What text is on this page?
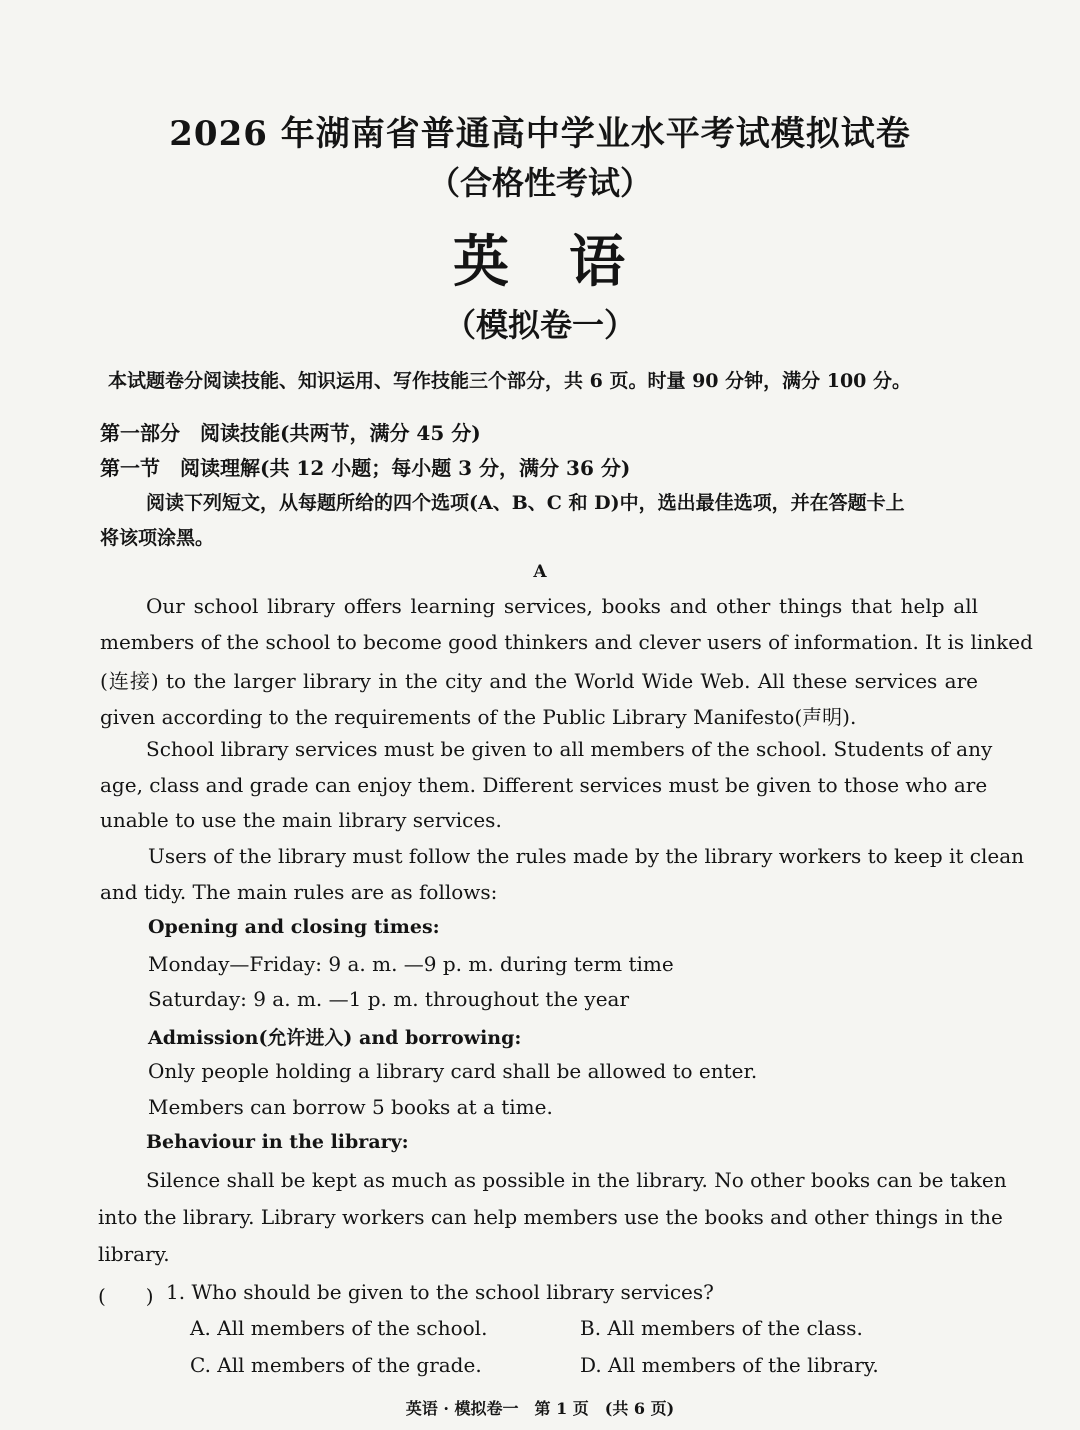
2026 年湖南省普通高中学业水平考试模拟试卷
（合格性考试）
英　语
（模拟卷一）
本试题卷分阅读技能、知识运用、写作技能三个部分，共 6 页。时量 90 分钟，满分 100 分。
第一部分　阅读技能(共两节，满分 45 分)
第一节　阅读理解(共 12 小题；每小题 3 分，满分 36 分)
阅读下列短文，从每题所给的四个选项(A、B、C 和 D)中，选出最佳选项，并在答题卡上
将该项涂黑。
A
Our school library offers learning services, books and other things that help all
members of the school to become good thinkers and clever users of information. It is linked
(连接) to the larger library in the city and the World Wide Web. All these services are
given according to the requirements of the Public Library Manifesto(声明).
School library services must be given to all members of the school. Students of any
age, class and grade can enjoy them. Different services must be given to those who are
unable to use the main library services.
Users of the library must follow the rules made by the library workers to keep it clean
and tidy. The main rules are as follows:
Opening and closing times:
Monday—Friday: 9 a. m. —9 p. m. during term time
Saturday: 9 a. m. —1 p. m. throughout the year
Admission(允许进入) and borrowing:
Only people holding a library card shall be allowed to enter.
Members can borrow 5 books at a time.
Behaviour in the library:
Silence shall be kept as much as possible in the library. No other books can be taken
into the library. Library workers can help members use the books and other things in the
library.
(　　) 1. Who should be given to the school library services?
A. All members of the school.	B. All members of the class.
C. All members of the grade.	D. All members of the library.
英语 · 模拟卷一　第 1 页　(共 6 页)
